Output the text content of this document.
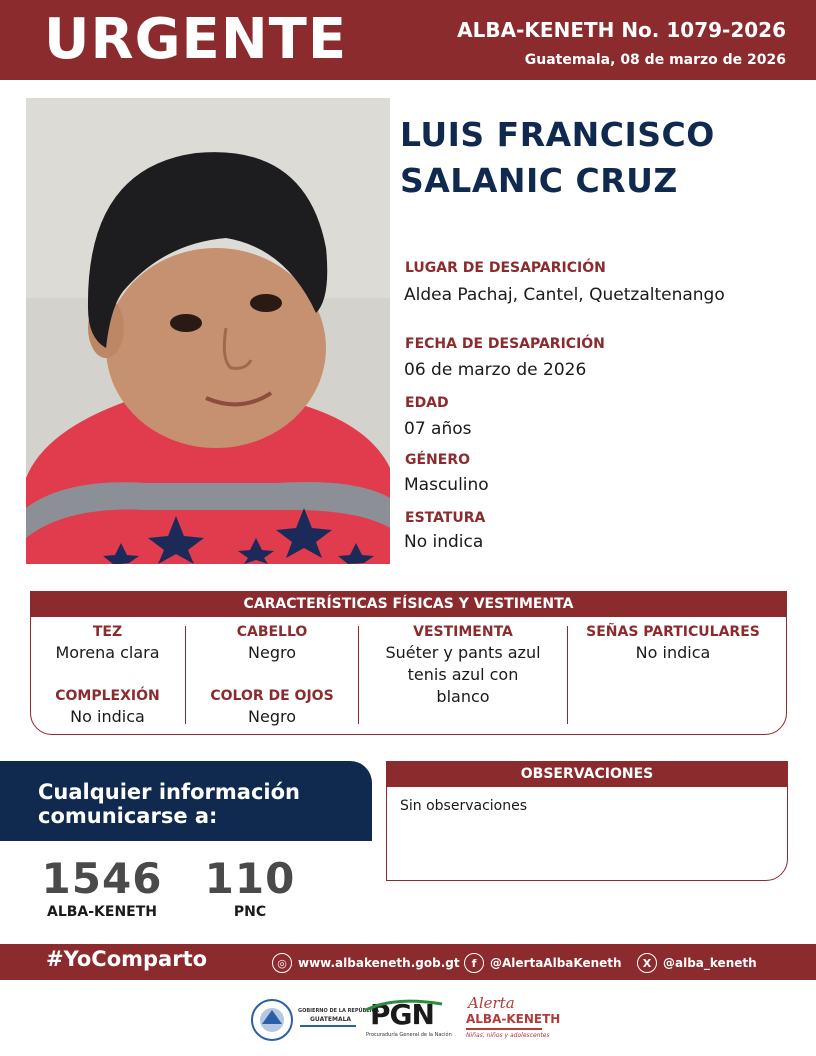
URGENTE	ALBA-KENETH No. 1079-2026
Guatemala, 08 de marzo de 2026
LUIS FRANCISCO
SALANIC CRUZ
LUGAR DE DESAPARICIÓN
Aldea Pachaj, Cantel, Quetzaltenango
FECHA DE DESAPARICIÓN
06 de marzo de 2026
EDAD
07 años
GÉNERO
Masculino
ESTATURA
No indica
CARACTERÍSTICAS FÍSICAS Y VESTIMENTA
TEZ
Morena clara
COMPLEXIÓN
No indica
CABELLO
Negro
COLOR DE OJOS
Negro
VESTIMENTA
Suéter y pants azul
tenis azul con
blanco
SEÑAS PARTICULARES
No indica
Cualquier información
comunicarse a:
1546
ALBA-KENETH
110
PNC
OBSERVACIONES
Sin observaciones
#YoComparto	◎ www.albakeneth.gob.gt	f	@AlertaAlbaKeneth	X @alba_keneth
GOBIERNO DE LA REPÚBLICA
GUATEMALA PGN
Procuraduría General de la Nación
Alerta
ALBA-KENETH
Niñas, niños y adolescentes
